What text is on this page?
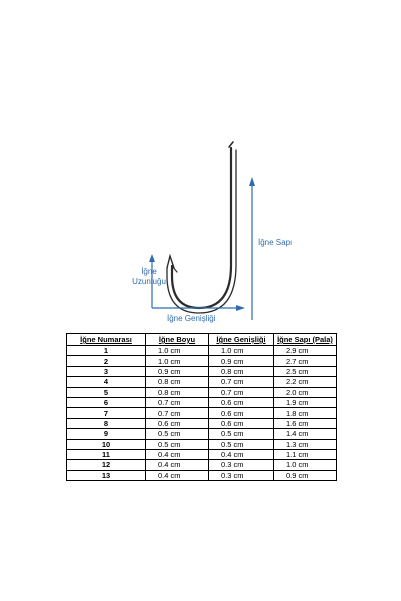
İğne
Uzunluğu
İğne Sapı
İğne Genişliği
İğne Numarası	İğne Boyu	İğne Genişliği	İğne Sapı (Pala)
1	1.0 cm	1.0 cm	2.9 cm
2	1.0 cm	0.9 cm	2.7 cm
3	0.9 cm	0.8 cm	2.5 cm
4	0.8 cm	0.7 cm	2.2 cm
5	0.8 cm	0.7 cm	2.0 cm
6	0.7 cm	0.6 cm	1.9 cm
7	0.7 cm	0.6 cm	1.8 cm
8	0.6 cm	0.6 cm	1.6 cm
9	0.5 cm	0.5 cm	1.4 cm
10	0.5 cm	0.5 cm	1.3 cm
11	0.4 cm	0.4 cm	1.1 cm
12	0.4 cm	0.3 cm	1.0 cm
13	0.4 cm	0.3 cm	0.9 cm
